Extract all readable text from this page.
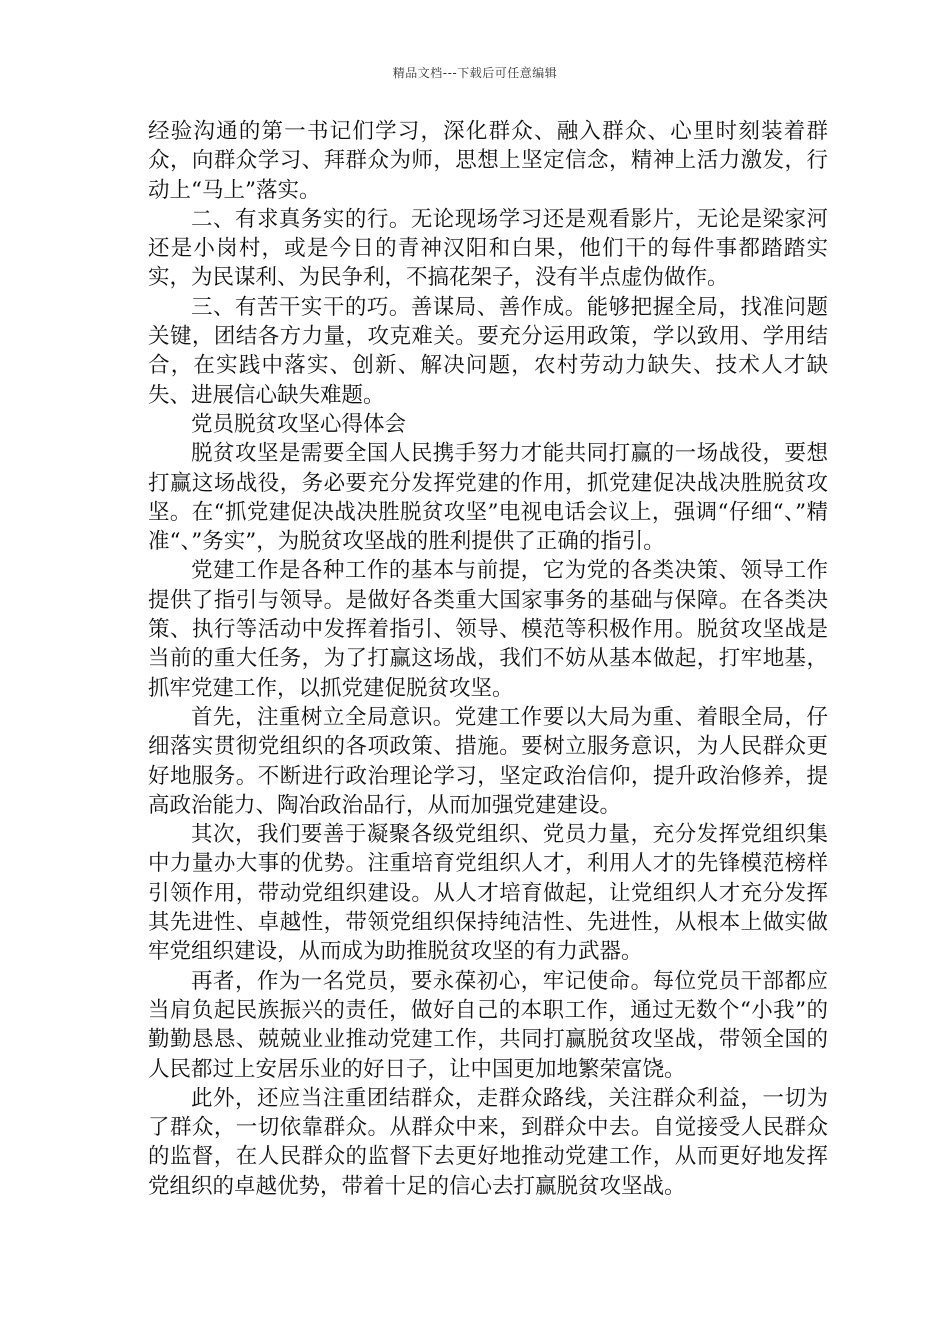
精品文档---下载后可任意编辑

经验沟通的第一书记们学习，深化群众、融入群众、心里时刻装着群众，向群众学习、拜群众为师，思想上坚定信念，精神上活力激发，行动上“马上”落实。

二、有求真务实的行。无论现场学习还是观看影片，无论是梁家河还是小岗村，或是今日的青神汉阳和白果，他们干的每件事都踏踏实实，为民谋利、为民争利，不搞花架子，没有半点虚伪做作。

三、有苦干实干的巧。善谋局、善作成。能够把握全局，找准问题关键，团结各方力量，攻克难关。要充分运用政策，学以致用、学用结合，在实践中落实、创新、解决问题，农村劳动力缺失、技术人才缺失、进展信心缺失难题。

党员脱贫攻坚心得体会

脱贫攻坚是需要全国人民携手努力才能共同打赢的一场战役，要想打赢这场战役，务必要充分发挥党建的作用，抓党建促决战决胜脱贫攻坚。在“抓党建促决战决胜脱贫攻坚”电视电话会议上，强调“仔细“、”精准“、”务实”，为脱贫攻坚战的胜利提供了正确的指引。

党建工作是各种工作的基本与前提，它为党的各类决策、领导工作提供了指引与领导。是做好各类重大国家事务的基础与保障。在各类决策、执行等活动中发挥着指引、领导、模范等积极作用。脱贫攻坚战是当前的重大任务，为了打赢这场战，我们不妨从基本做起，打牢地基，抓牢党建工作，以抓党建促脱贫攻坚。

首先，注重树立全局意识。党建工作要以大局为重、着眼全局，仔细落实贯彻党组织的各项政策、措施。要树立服务意识，为人民群众更好地服务。不断进行政治理论学习，坚定政治信仰，提升政治修养，提高政治能力、陶冶政治品行，从而加强党建建设。

其次，我们要善于凝聚各级党组织、党员力量，充分发挥党组织集中力量办大事的优势。注重培育党组织人才，利用人才的先锋模范榜样引领作用，带动党组织建设。从人才培育做起，让党组织人才充分发挥其先进性、卓越性，带领党组织保持纯洁性、先进性，从根本上做实做牢党组织建设，从而成为助推脱贫攻坚的有力武器。

再者，作为一名党员，要永葆初心，牢记使命。每位党员干部都应当肩负起民族振兴的责任，做好自己的本职工作，通过无数个“小我”的勤勤恳恳、兢兢业业推动党建工作，共同打赢脱贫攻坚战，带领全国的人民都过上安居乐业的好日子，让中国更加地繁荣富饶。

此外，还应当注重团结群众，走群众路线，关注群众利益，一切为了群众，一切依靠群众。从群众中来，到群众中去。自觉接受人民群众的监督，在人民群众的监督下去更好地推动党建工作，从而更好地发挥党组织的卓越优势，带着十足的信心去打赢脱贫攻坚战。
